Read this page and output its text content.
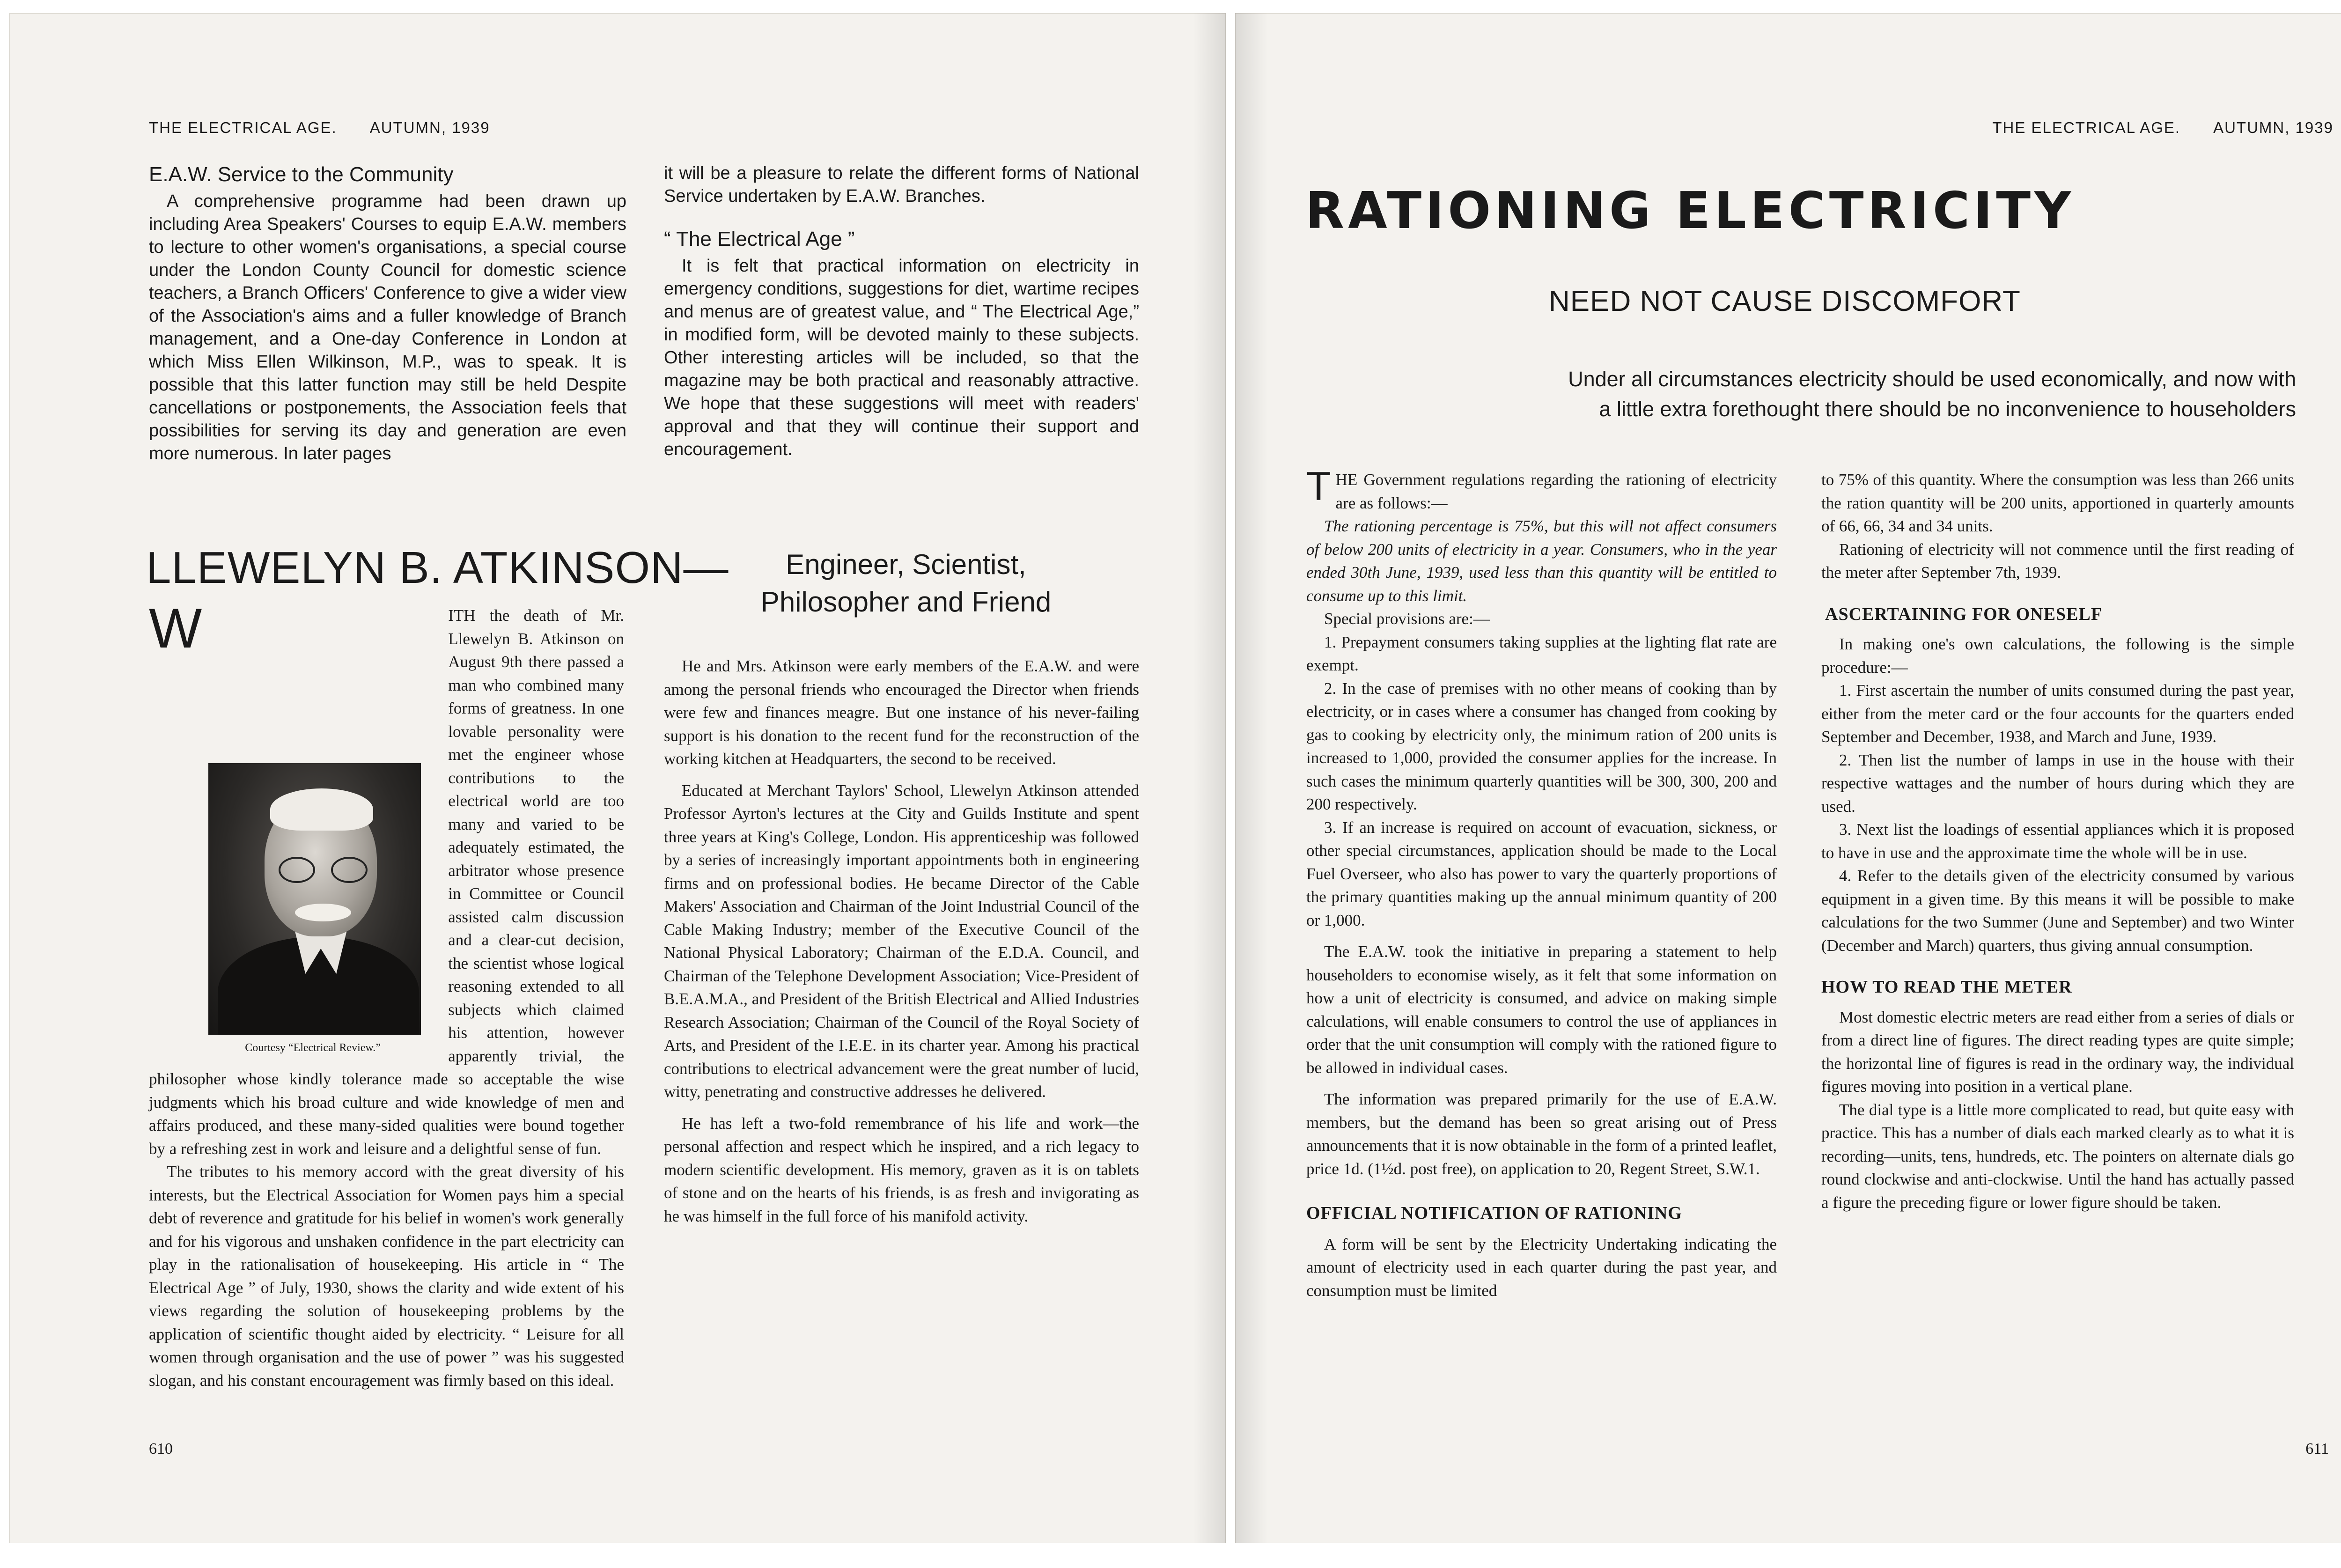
THE ELECTRICAL AGE. AUTUMN, 1939
E.A.W. Service to the Community

A comprehensive programme had been drawn up including Area Speakers' Courses to equip E.A.W. members to lecture to other women's organisations, a special course under the London County Council for domestic science teachers, a Branch Officers' Conference to give a wider view of the Association's aims and a fuller knowledge of Branch management, and a One-day Conference in London at which Miss Ellen Wilkinson, M.P., was to speak. It is possible that this latter function may still be held Despite cancellations or postponements, the Association feels that possibilities for serving its day and generation are even more numerous. In later pages

it will be a pleasure to relate the different forms of National Service undertaken by E.A.W. Branches.

“ The Electrical Age ”

It is felt that practical information on electricity in emergency conditions, suggestions for diet, wartime recipes and menus are of greatest value, and “ The Electrical Age,” in modified form, will be devoted mainly to these subjects. Other interesting articles will be included, so that the magazine may be both practical and reasonably attractive. We hope that these suggestions will meet with readers' approval and that they will continue their support and encouragement.

LLEWELYN B. ATKINSON—	Engineer, Scientist,
Philosopher and Friend
W
Courtesy “Electrical Review.”

ITH the death of Mr. Llewelyn B. Atkinson on August 9th there passed a man who combined many forms of greatness. In one lovable personality were met the engineer whose contributions to the electrical world are too many and varied to be adequately estimated, the arbitrator whose presence in Committee or Council assisted calm discussion and a clear-cut decision, the scientist whose logical reasoning extended to all subjects which claimed his attention, however apparently trivial, the philosopher whose kindly tolerance made so acceptable the wise judgments which his broad culture and wide knowledge of men and affairs produced, and these many-sided qualities were bound together by a refreshing zest in work and leisure and a delightful sense of fun.

The tributes to his memory accord with the great diversity of his interests, but the Electrical Association for Women pays him a special debt of reverence and gratitude for his belief in women's work generally and for his vigorous and unshaken confidence in the part electricity can play in the rationalisation of housekeeping. His article in “ The Electrical Age ” of July, 1930, shows the clarity and wide extent of his views regarding the solution of housekeeping problems by the application of scientific thought aided by electricity. “ Leisure for all women through organisation and the use of power ” was his suggested slogan, and his constant encouragement was firmly based on this ideal.

He and Mrs. Atkinson were early members of the E.A.W. and were among the personal friends who encouraged the Director when friends were few and finances meagre. But one instance of his never-failing support is his donation to the recent fund for the reconstruction of the working kitchen at Headquarters, the second to be received.

Educated at Merchant Taylors' School, Llewelyn Atkinson attended Professor Ayrton's lectures at the City and Guilds Institute and spent three years at King's College, London. His apprenticeship was followed by a series of increasingly important appointments both in engineering firms and on professional bodies. He became Director of the Cable Makers' Association and Chairman of the Joint Industrial Council of the Cable Making Industry; member of the Executive Council of the National Physical Laboratory; Chairman of the E.D.A. Council, and Chairman of the Telephone Development Association; Vice-President of B.E.A.M.A., and President of the British Electrical and Allied Industries Research Association; Chairman of the Council of the Royal Society of Arts, and President of the I.E.E. in its charter year. Among his practical contributions to electrical advancement were the great number of lucid, witty, penetrating and constructive addresses he delivered.

He has left a two-fold remembrance of his life and work—the personal affection and respect which he inspired, and a rich legacy to modern scientific development. His memory, graven as it is on tablets of stone and on the hearts of his friends, is as fresh and invigorating as he was himself in the full force of his manifold activity.

610
THE ELECTRICAL AGE. AUTUMN, 1939
RATIONING ELECTRICITY
NEED NOT CAUSE DISCOMFORT
Under all circumstances electricity should be used economically, and now with
a little extra forethought there should be no inconvenience to householders
T HE Government regulations regarding the rationing of electricity are as follows:—

The rationing percentage is 75%, but this will not affect consumers of below 200 units of electricity in a year. Consumers, who in the year ended 30th June, 1939, used less than this quantity will be entitled to consume up to this limit.

Special provisions are:—

1. Prepayment consumers taking supplies at the lighting flat rate are exempt.

2. In the case of premises with no other means of cooking than by electricity, or in cases where a consumer has changed from cooking by gas to cooking by electricity only, the minimum ration of 200 units is increased to 1,000, provided the consumer applies for the increase. In such cases the minimum quarterly quantities will be 300, 300, 200 and 200 respectively.

3. If an increase is required on account of evacuation, sickness, or other special circumstances, application should be made to the Local Fuel Overseer, who also has power to vary the quarterly proportions of the primary quantities making up the annual minimum quantity of 200 or 1,000.

The E.A.W. took the initiative in preparing a statement to help householders to economise wisely, as it felt that some information on how a unit of electricity is consumed, and advice on making simple calculations, will enable consumers to control the use of appliances in order that the unit consumption will comply with the rationed figure to be allowed in individual cases.

The information was prepared primarily for the use of E.A.W. members, but the demand has been so great arising out of Press announcements that it is now obtainable in the form of a printed leaflet, price 1d. (1½d. post free), on application to 20, Regent Street, S.W.1.

OFFICIAL NOTIFICATION OF RATIONING

A form will be sent by the Electricity Undertaking indicating the amount of electricity used in each quarter during the past year, and consumption must be limited

to 75% of this quantity. Where the consumption was less than 266 units the ration quantity will be 200 units, apportioned in quarterly amounts of 66, 66, 34 and 34 units.

Rationing of electricity will not commence until the first reading of the meter after September 7th, 1939.

ASCERTAINING FOR ONESELF

In making one's own calculations, the following is the simple procedure:—

1. First ascertain the number of units consumed during the past year, either from the meter card or the four accounts for the quarters ended September and December, 1938, and March and June, 1939.

2. Then list the number of lamps in use in the house with their respective wattages and the number of hours during which they are used.

3. Next list the loadings of essential appliances which it is proposed to have in use and the approximate time the whole will be in use.

4. Refer to the details given of the electricity consumed by various equipment in a given time. By this means it will be possible to make calculations for the two Summer (June and September) and two Winter (December and March) quarters, thus giving annual consumption.

HOW TO READ THE METER

Most domestic electric meters are read either from a series of dials or from a direct line of figures. The direct reading types are quite simple; the horizontal line of figures is read in the ordinary way, the individual figures moving into position in a vertical plane.

The dial type is a little more complicated to read, but quite easy with practice. This has a number of dials each marked clearly as to what it is recording—units, tens, hundreds, etc. The pointers on alternate dials go round clockwise and anti-clockwise. Until the hand has actually passed a figure the preceding figure or lower figure should be taken.

611
